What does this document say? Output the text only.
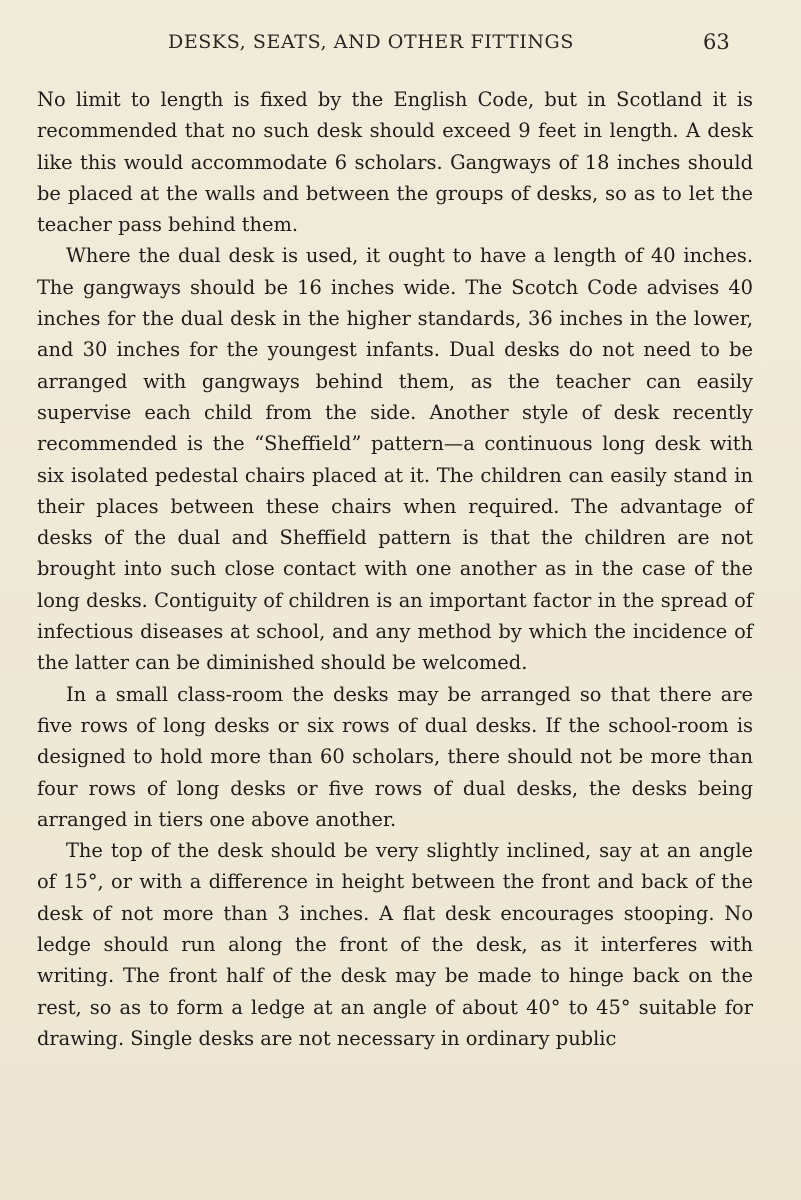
DESKS, SEATS, AND OTHER FITTINGS	63

No limit to length is fixed by the English Code, but in Scotland it is recommended that no such desk should exceed 9 feet in length. A desk like this would accommodate 6 scholars. Gangways of 18 inches should be placed at the walls and between the groups of desks, so as to let the teacher pass behind them.

Where the dual desk is used, it ought to have a length of 40 inches. The gangways should be 16 inches wide. The Scotch Code advises 40 inches for the dual desk in the higher standards, 36 inches in the lower, and 30 inches for the youngest infants. Dual desks do not need to be arranged with gangways behind them, as the teacher can easily supervise each child from the side. Another style of desk recently recommended is the “Sheffield” pattern—a continuous long desk with six isolated pedestal chairs placed at it. The children can easily stand in their places between these chairs when required. The advantage of desks of the dual and Sheffield pattern is that the children are not brought into such close contact with one another as in the case of the long desks. Contiguity of children is an important factor in the spread of infectious diseases at school, and any method by which the incidence of the latter can be diminished should be welcomed.

In a small class-room the desks may be arranged so that there are five rows of long desks or six rows of dual desks. If the school-room is designed to hold more than 60 scholars, there should not be more than four rows of long desks or five rows of dual desks, the desks being arranged in tiers one above another.

The top of the desk should be very slightly inclined, say at an angle of 15°, or with a difference in height between the front and back of the desk of not more than 3 inches. A flat desk encourages stooping. No ledge should run along the front of the desk, as it interferes with writing. The front half of the desk may be made to hinge back on the rest, so as to form a ledge at an angle of about 40° to 45° suitable for drawing. Single desks are not necessary in ordinary public
